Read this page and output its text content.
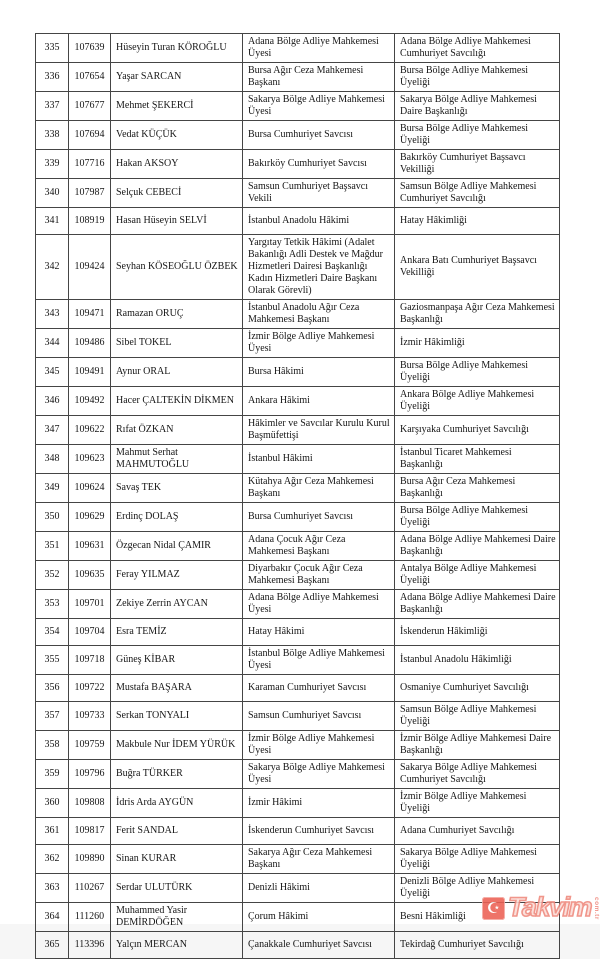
335	107639	Hüseyin Turan KÖROĞLU	Adana Bölge Adliye Mahkemesi Üyesi	Adana Bölge Adliye Mahkemesi Cumhuriyet Savcılığı
336	107654	Yaşar SARCAN	Bursa Ağır Ceza Mahkemesi Başkanı	Bursa Bölge Adliye Mahkemesi Üyeliği
337	107677	Mehmet ŞEKERCİ	Sakarya Bölge Adliye Mahkemesi Üyesi	Sakarya Bölge Adliye Mahkemesi Daire Başkanlığı
338	107694	Vedat KÜÇÜK	Bursa Cumhuriyet Savcısı	Bursa Bölge Adliye Mahkemesi Üyeliği
339	107716	Hakan AKSOY	Bakırköy Cumhuriyet Savcısı	Bakırköy Cumhuriyet Başsavcı Vekilliği
340	107987	Selçuk CEBECİ	Samsun Cumhuriyet Başsavcı Vekili	Samsun Bölge Adliye Mahkemesi Cumhuriyet Savcılığı
341	108919	Hasan Hüseyin SELVİ	İstanbul Anadolu Hâkimi	Hatay Hâkimliği
342	109424	Seyhan KÖSEOĞLU ÖZBEK	Yargıtay Tetkik Hâkimi (Adalet Bakanlığı Adli Destek ve Mağdur Hizmetleri Dairesi Başkanlığı Kadın Hizmetleri Daire Başkanı Olarak Görevli)	Ankara Batı Cumhuriyet Başsavcı Vekilliği
343	109471	Ramazan ORUÇ	İstanbul Anadolu Ağır Ceza Mahkemesi Başkanı	Gaziosmanpaşa Ağır Ceza Mahkemesi Başkanlığı
344	109486	Sibel TOKEL	İzmir Bölge Adliye Mahkemesi Üyesi	İzmir Hâkimliği
345	109491	Aynur ORAL	Bursa Hâkimi	Bursa Bölge Adliye Mahkemesi Üyeliği
346	109492	Hacer ÇALTEKİN DİKMEN	Ankara Hâkimi	Ankara Bölge Adliye Mahkemesi Üyeliği
347	109622	Rıfat ÖZKAN	Hâkimler ve Savcılar Kurulu Kurul Başmüfettişi	Karşıyaka Cumhuriyet Savcılığı
348	109623	Mahmut Serhat MAHMUTOĞLU	İstanbul Hâkimi	İstanbul Ticaret Mahkemesi Başkanlığı
349	109624	Savaş TEK	Kütahya Ağır Ceza Mahkemesi Başkanı	Bursa Ağır Ceza Mahkemesi Başkanlığı
350	109629	Erdinç DOLAŞ	Bursa Cumhuriyet Savcısı	Bursa Bölge Adliye Mahkemesi Üyeliği
351	109631	Özgecan Nidal ÇAMIR	Adana Çocuk Ağır Ceza Mahkemesi Başkanı	Adana Bölge Adliye Mahkemesi Daire Başkanlığı
352	109635	Feray YILMAZ	Diyarbakır Çocuk Ağır Ceza Mahkemesi Başkanı	Antalya Bölge Adliye Mahkemesi Üyeliği
353	109701	Zekiye Zerrin AYCAN	Adana Bölge Adliye Mahkemesi Üyesi	Adana Bölge Adliye Mahkemesi Daire Başkanlığı
354	109704	Esra TEMİZ	Hatay Hâkimi	İskenderun Hâkimliği
355	109718	Güneş KİBAR	İstanbul Bölge Adliye Mahkemesi Üyesi	İstanbul Anadolu Hâkimliği
356	109722	Mustafa BAŞARA	Karaman Cumhuriyet Savcısı	Osmaniye Cumhuriyet Savcılığı
357	109733	Serkan TONYALI	Samsun Cumhuriyet Savcısı	Samsun Bölge Adliye Mahkemesi Üyeliği
358	109759	Makbule Nur İDEM YÜRÜK	İzmir Bölge Adliye Mahkemesi Üyesi	İzmir Bölge Adliye Mahkemesi Daire Başkanlığı
359	109796	Buğra TÜRKER	Sakarya Bölge Adliye Mahkemesi Üyesi	Sakarya Bölge Adliye Mahkemesi Cumhuriyet Savcılığı
360	109808	İdris Arda AYGÜN	İzmir Hâkimi	İzmir Bölge Adliye Mahkemesi Üyeliği
361	109817	Ferit SANDAL	İskenderun Cumhuriyet Savcısı	Adana Cumhuriyet Savcılığı
362	109890	Sinan KURAR	Sakarya Ağır Ceza Mahkemesi Başkanı	Sakarya Bölge Adliye Mahkemesi Üyeliği
363	110267	Serdar ULUTÜRK	Denizli Hâkimi	Denizli Bölge Adliye Mahkemesi Üyeliği
364	111260	Muhammed Yasir DEMİRDÖĞEN	Çorum Hâkimi	Besni Hâkimliği
365	113396	Yalçın MERCAN	Çanakkale Cumhuriyet Savcısı	Tekirdağ Cumhuriyet Savcılığı
☪ Takvim com.tr
